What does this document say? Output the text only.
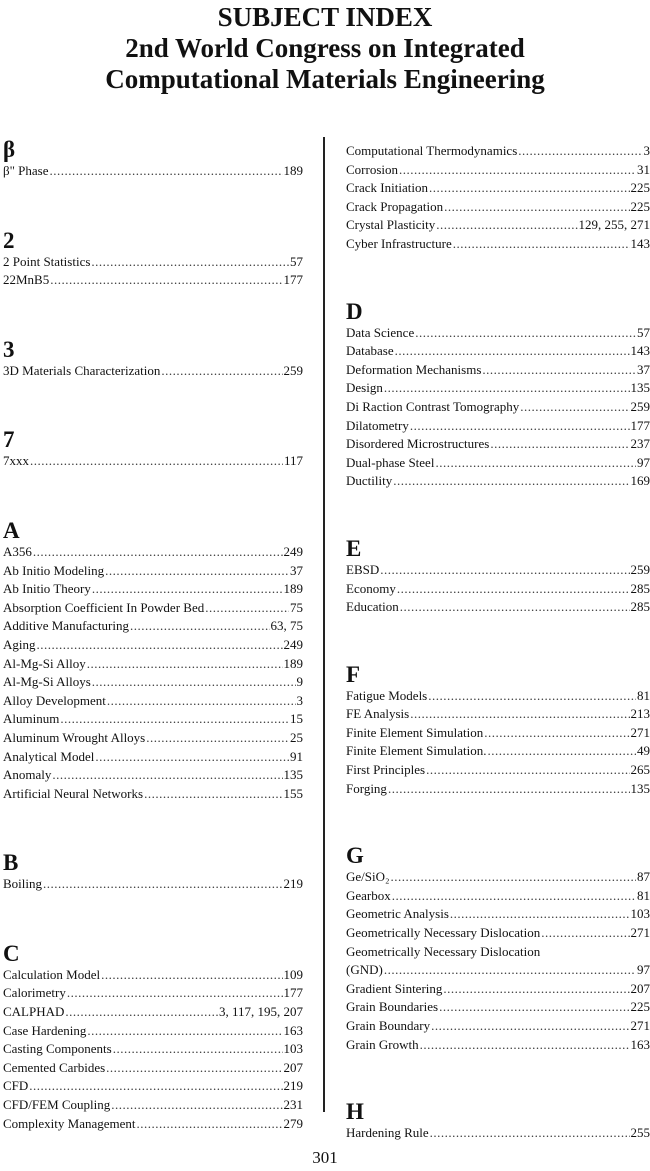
SUBJECT INDEX
2nd World Congress on Integrated
Computational Materials Engineering
β
β" Phase .....	189
2
2 Point Statistics .....	57
22MnB5 .....	177
3
3D Materials Characterization .....	259
7
7xxx .....	117
A
A356 .....	249
Ab Initio Modeling .....	37
Ab Initio Theory .....	189
Absorption Coefficient In Powder Bed .....	75
Additive Manufacturing .....	63, 75
Aging .....	249
Al-Mg-Si Alloy .....	189
Al-Mg-Si Alloys .....	9
Alloy Development .....	3
Aluminum .....	15
Aluminum Wrought Alloys .....	25
Analytical Model .....	91
Anomaly .....	135
Artificial Neural Networks .....	155
B
Boiling .....	219
C
Calculation Model .....	109
Calorimetry .....	177
CALPHAD .....	3, 117, 195, 207
Case Hardening .....	163
Casting Components .....	103
Cemented Carbides .....	207
CFD .....	219
CFD/FEM Coupling .....	231
Complexity Management .....	279
Computational Thermodynamics .....	3
Corrosion .....	31
Crack Initiation .....	225
Crack Propagation .....	225
Crystal Plasticity .....	129, 255, 271
Cyber Infrastructure .....	143
D
Data Science .....	57
Database .....	143
Deformation Mechanisms .....	37
Design .....	135
Di Raction Contrast Tomography .....	259
Dilatometry .....	177
Disordered Microstructures .....	237
Dual-phase Steel .....	97
Ductility .....	169
E
EBSD .....	259
Economy .....	285
Education .....	285
F
Fatigue Models .....	81
FE Analysis .....	213
Finite Element Simulation .....	271
Finite Element Simulation. .....	49
First Principles .....	265
Forging .....	135
G
Ge/SiO₂ .....	87
Gearbox .....	81
Geometric Analysis .....	103
Geometrically Necessary Dislocation .....	271
Geometrically Necessary Dislocation
(GND) .....	97
Gradient Sintering .....	207
Grain Boundaries .....	225
Grain Boundary .....	271
Grain Growth .....	163
H
Hardening Rule .....	255
301
